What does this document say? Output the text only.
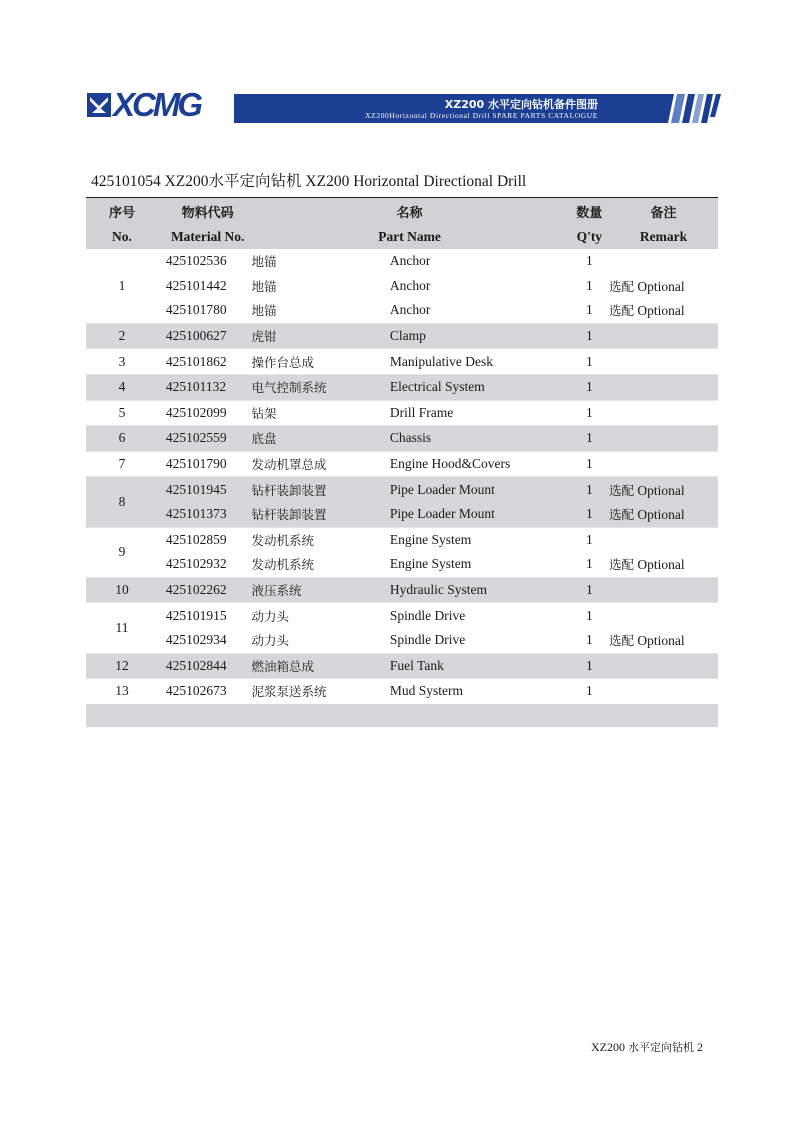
XCMG	XZ200 水平定向钻机备件图册
XZ200Horizontal Directional Drill SPARE PARTS CATALOGUE
425101054 XZ200水平定向钻机 XZ200 Horizontal Directional Drill
序号	物料代码	名称		数量	备注
No.	Material No.	Part Name		Q'ty	Remark
1	425102536	地锚	Anchor	1	
	425101442	地锚	Anchor	1	选配 Optional
	425101780	地锚	Anchor	1	选配 Optional
2	425100627	虎钳	Clamp	1	
3	425101862	操作台总成	Manipulative Desk	1	
4	425101132	电气控制系统	Electrical System	1	
5	425102099	钻架	Drill Frame	1	
6	425102559	底盘	Chassis	1	
7	425101790	发动机罩总成	Engine Hood&Covers	1	
8	425101945	钻杆装卸装置	Pipe Loader Mount	1	选配 Optional
	425101373	钻杆装卸装置	Pipe Loader Mount	1	选配 Optional
9	425102859	发动机系统	Engine System	1	
	425102932	发动机系统	Engine System	1	选配 Optional
10	425102262	液压系统	Hydraulic System	1	
11	425101915	动力头	Spindle Drive	1	
	425102934	动力头	Spindle Drive	1	选配 Optional
12	425102844	燃油箱总成	Fuel Tank	1	
13	425102673	泥浆泵送系统	Mud Systerm	1	

XZ200 水平定向钻机 2
